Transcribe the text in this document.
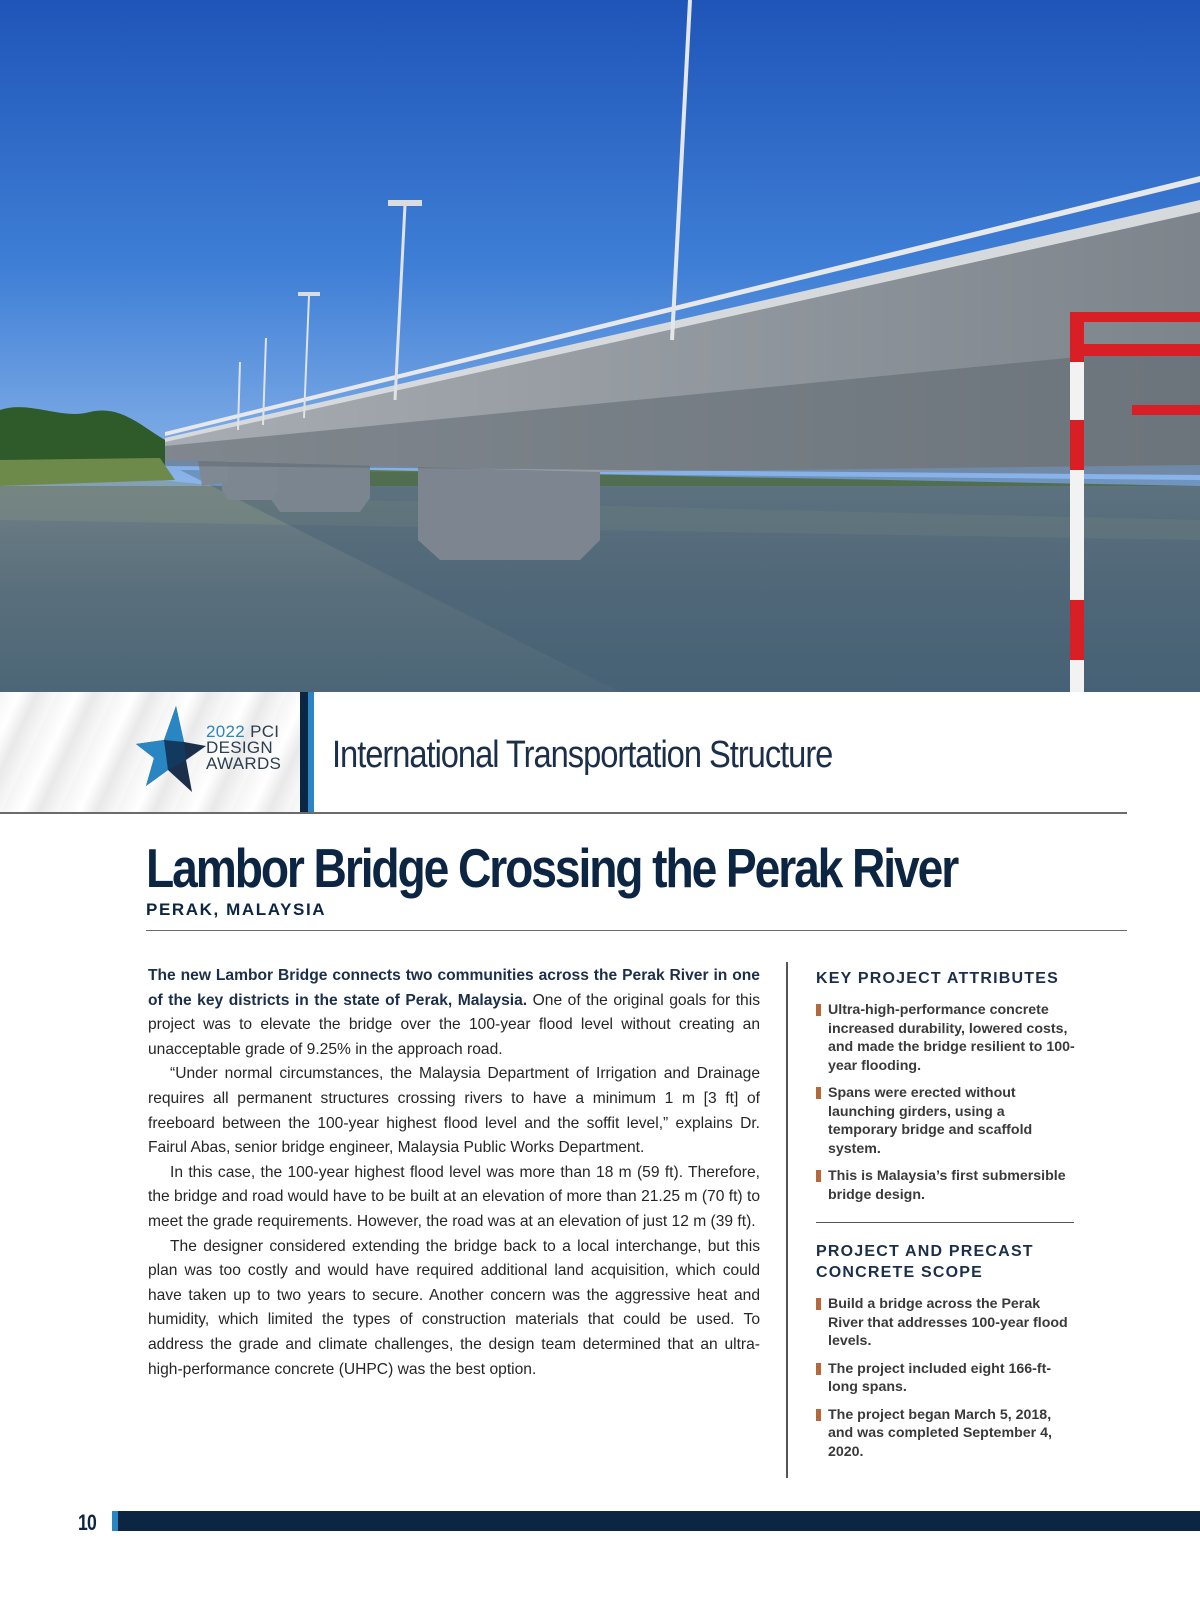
2022 PCI
DESIGN
AWARDS International Transportation Structure
Lambor Bridge Crossing the Perak River
PERAK, MALAYSIA

The new Lambor Bridge connects two communities across the Perak River in one of the key districts in the state of Perak, Malaysia. One of the original goals for this project was to elevate the bridge over the 100-year flood level without creating an unacceptable grade of 9.25% in the approach road.

“Under normal circumstances, the Malaysia Department of Irrigation and Drainage requires all permanent structures crossing rivers to have a minimum 1 m [3 ft] of freeboard between the 100-year highest flood level and the soffit level,” explains Dr. Fairul Abas, senior bridge engineer, Malaysia Public Works Department.

In this case, the 100-year highest flood level was more than 18 m (59 ft). Therefore, the bridge and road would have to be built at an elevation of more than 21.25 m (70 ft) to meet the grade requirements. However, the road was at an elevation of just 12 m (39 ft).

The designer considered extending the bridge back to a local interchange, but this plan was too costly and would have required additional land acquisition, which could have taken up to two years to secure. Another concern was the aggressive heat and humidity, which limited the types of construction materials that could be used. To address the grade and climate challenges, the design team determined that an ultra-high-performance concrete (UHPC) was the best option.

KEY PROJECT ATTRIBUTES
Ultra-high-performance concrete increased durability, lowered costs, and made the bridge resilient to 100-year flooding.
Spans were erected without launching girders, using a temporary bridge and scaffold system.
This is Malaysia’s first submersible bridge design.
PROJECT AND PRECAST CONCRETE SCOPE
Build a bridge across the Perak River that addresses 100-year flood levels.
The project included eight 166-ft-long spans.
The project began March 5, 2018, and was completed September 4, 2020.
10
